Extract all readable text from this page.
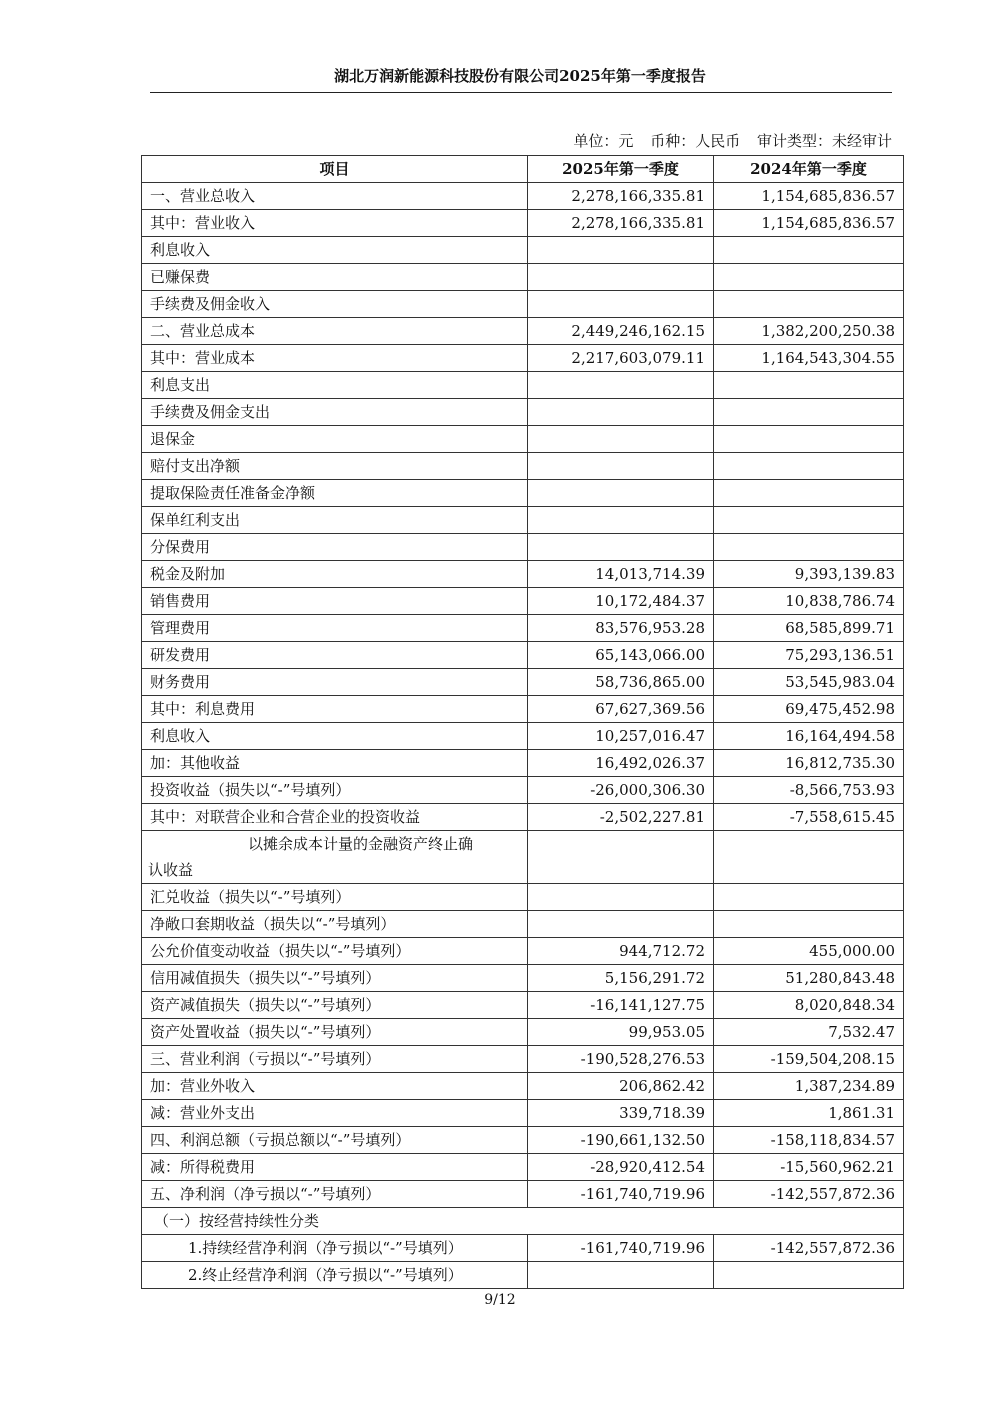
湖北万润新能源科技股份有限公司2025年第一季度报告
单位：元 币种：人民币 审计类型：未经审计
项目	2025年第一季度	2024年第一季度
一、营业总收入	2,278,166,335.81	1,154,685,836.57
其中：营业收入	2,278,166,335.81	1,154,685,836.57
利息收入		
已赚保费		
手续费及佣金收入		
二、营业总成本	2,449,246,162.15	1,382,200,250.38
其中：营业成本	2,217,603,079.11	1,164,543,304.55
利息支出		
手续费及佣金支出		
退保金		
赔付支出净额		
提取保险责任准备金净额		
保单红利支出		
分保费用		
税金及附加	14,013,714.39	9,393,139.83
销售费用	10,172,484.37	10,838,786.74
管理费用	83,576,953.28	68,585,899.71
研发费用	65,143,066.00	75,293,136.51
财务费用	58,736,865.00	53,545,983.04
其中：利息费用	67,627,369.56	69,475,452.98
利息收入	10,257,016.47	16,164,494.58
加：其他收益	16,492,026.37	16,812,735.30
投资收益（损失以“-”号填列）	-26,000,306.30	-8,566,753.93
其中：对联营企业和合营企业的投资收益	-2,502,227.81	-7,558,615.45

以摊余成本计量的金融资产终止确
认收益		

汇兑收益（损失以“-”号填列）		
净敞口套期收益（损失以“-”号填列）		
公允价值变动收益（损失以“-”号填列）	944,712.72	455,000.00
信用减值损失（损失以“-”号填列）	5,156,291.72	51,280,843.48
资产减值损失（损失以“-”号填列）	-16,141,127.75	8,020,848.34
资产处置收益（损失以“-”号填列）	99,953.05	7,532.47
三、营业利润（亏损以“-”号填列）	-190,528,276.53	-159,504,208.15
加：营业外收入	206,862.42	1,387,234.89
减：营业外支出	339,718.39	1,861.31
四、利润总额（亏损总额以“-”号填列）	-190,661,132.50	-158,118,834.57
减：所得税费用	-28,920,412.54	-15,560,962.21
五、净利润（净亏损以“-”号填列）	-161,740,719.96	-142,557,872.36
（一）按经营持续性分类		
1.持续经营净利润（净亏损以“-”号填列）	-161,740,719.96	-142,557,872.36
2.终止经营净利润（净亏损以“-”号填列）		
9/12
